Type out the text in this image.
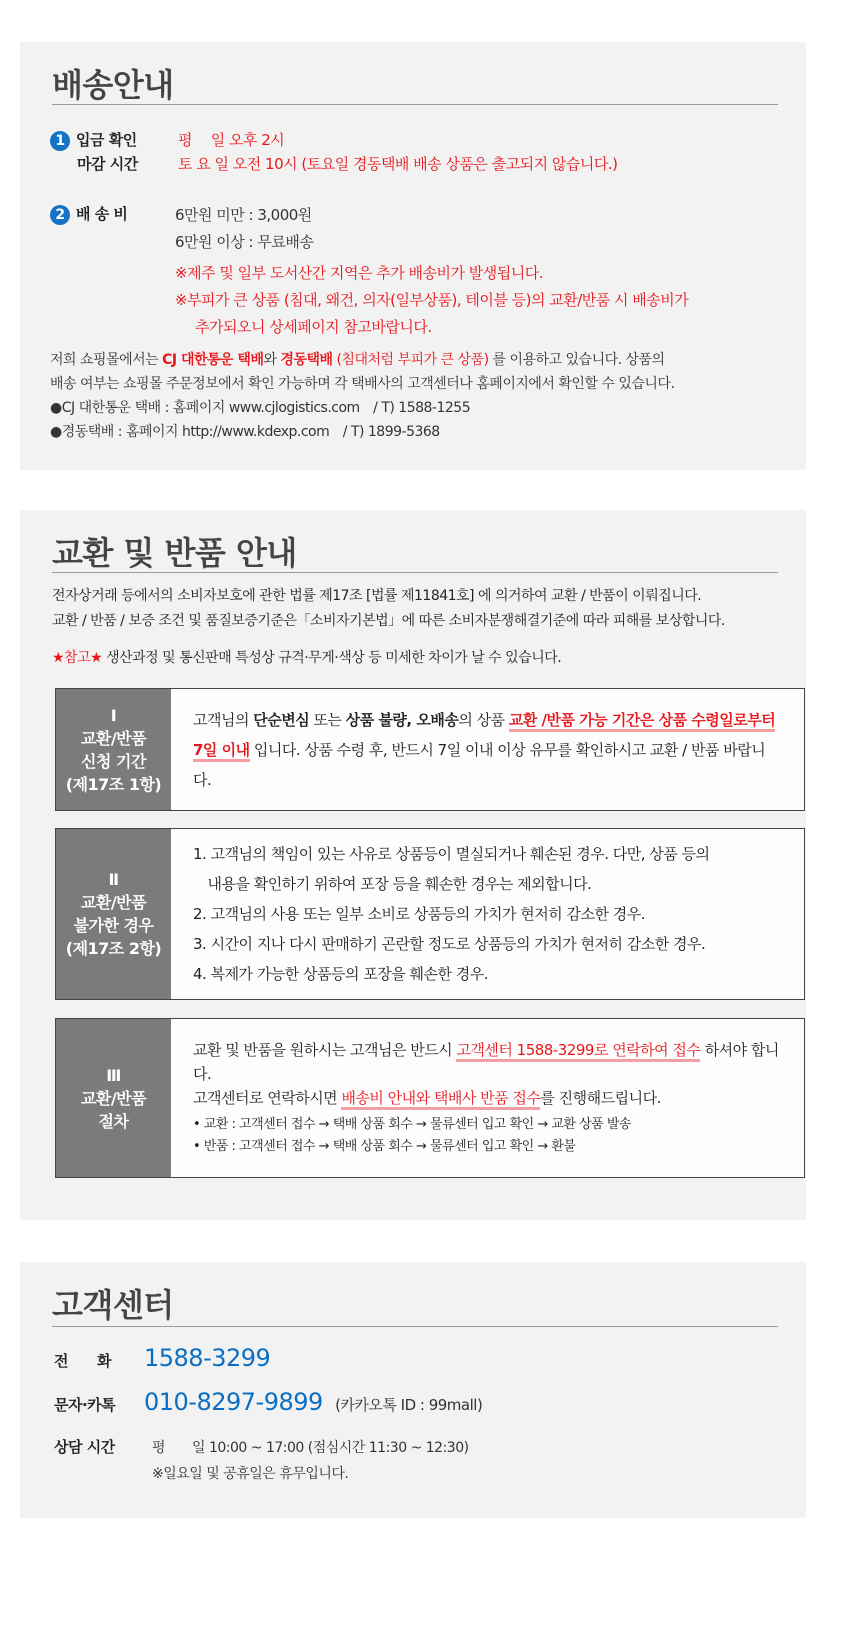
배송안내
1 입금 확인
마감 시간
평　 일 오후 2시
토 요 일 오전 10시 (토요일 경동택배 배송 상품은 출고되지 않습니다.)
2 배 송 비	6만원 미만 : 3,000원
6만원 이상 : 무료배송
※제주 및 일부 도서산간 지역은 추가 배송비가 발생됩니다.
※부피가 큰 상품 (침대, 왜건, 의자(일부상품), 테이블 등)의 교환/반품 시 배송비가
추가되오니 상세페이지 참고바랍니다.
저희 쇼핑몰에서는 CJ 대한통운 택배와 경동택배 (침대처럼 부피가 큰 상품) 를 이용하고 있습니다. 상품의
배송 여부는 쇼핑몰 주문정보에서 확인 가능하며 각 택배사의 고객센터나 홈페이지에서 확인할 수 있습니다.
●CJ 대한통운 택배 : 홈페이지 www.cjlogistics.com　/ T) 1588-1255
●경동택배 : 홈페이지 http://www.kdexp.com　/ T) 1899-5368
교환 및 반품 안내
전자상거래 등에서의 소비자보호에 관한 법률 제17조 [법률 제11841호] 에 의거하여 교환 / 반품이 이뤄집니다.
교환 / 반품 / 보증 조건 및 품질보증기준은「소비자기본법」에 따른 소비자분쟁해결기준에 따라 피해를 보상합니다.
★참고★ 생산과정 및 통신판매 특성상 규격·무게·색상 등 미세한 차이가 날 수 있습니다.
Ⅰ
교환/반품
신청 기간
(제17조 1항)
고객님의 단순변심 또는 상품 불량, 오배송의 상품 교환 /반품 가능 기간은 상품 수령일로부터 7일 이내 입니다. 상품 수령 후, 반드시 7일 이내 이상 유무를 확인하시고 교환 / 반품 바랍니다.
Ⅱ
교환/반품
불가한 경우
(제17조 2항)
1. 고객님의 책임이 있는 사유로 상품등이 멸실되거나 훼손된 경우. 다만, 상품 등의
　내용을 확인하기 위하여 포장 등을 훼손한 경우는 제외합니다.
2. 고객님의 사용 또는 일부 소비로 상품등의 가치가 현저히 감소한 경우.
3. 시간이 지나 다시 판매하기 곤란할 정도로 상품등의 가치가 현저히 감소한 경우.
4. 복제가 가능한 상품등의 포장을 훼손한 경우.
Ⅲ
교환/반품
절차
교환 및 반품을 원하시는 고객님은 반드시 고객센터 1588-3299로 연락하여 접수 하셔야 합니다.
고객센터로 연락하시면 배송비 안내와 택배사 반품 접수를 진행해드립니다.
• 교환 : 고객센터 접수 → 택배 상품 회수 → 물류센터 입고 확인 → 교환 상품 발송
• 반품 : 고객센터 접수 → 택배 상품 회수 → 물류센터 입고 확인 → 환불
고객센터
전　　화 1588-3299
문자·카톡 010-8297-9899 (카카오톡 ID : 99mall)
상담 시간	평　　일 10:00 ~ 17:00 (점심시간 11:30 ~ 12:30)
※일요일 및 공휴일은 휴무입니다.
